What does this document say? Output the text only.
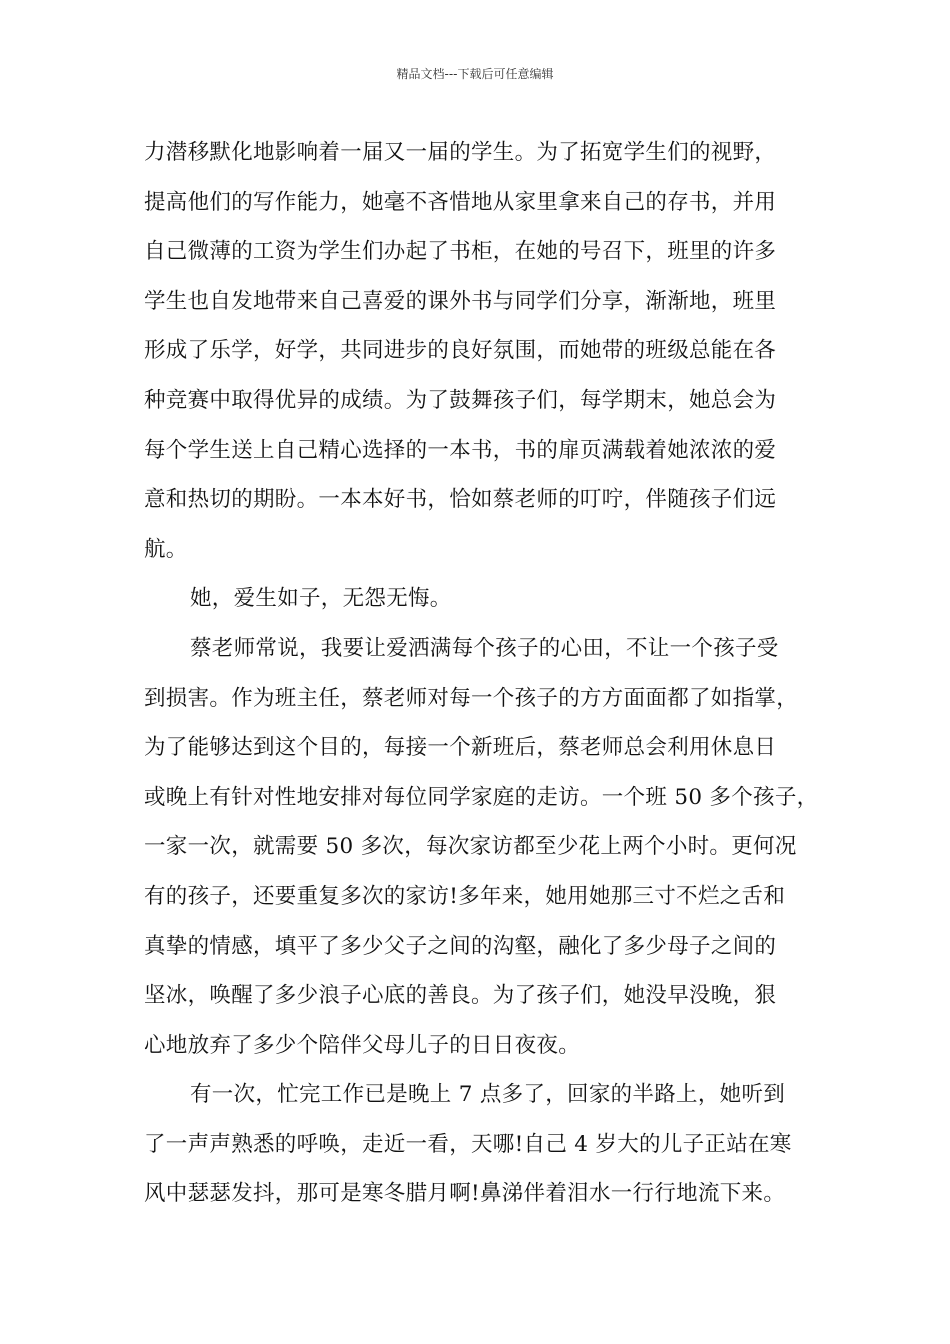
精品文档---下载后可任意编辑
力潜移默化地影响着一届又一届的学生。为了拓宽学生们的视野，
提高他们的写作能力，她毫不吝惜地从家里拿来自己的存书，并用
自己微薄的工资为学生们办起了书柜，在她的号召下，班里的许多
学生也自发地带来自己喜爱的课外书与同学们分享，渐渐地，班里
形成了乐学，好学，共同进步的良好氛围，而她带的班级总能在各
种竞赛中取得优异的成绩。为了鼓舞孩子们，每学期末，她总会为
每个学生送上自己精心选择的一本书，书的扉页满载着她浓浓的爱
意和热切的期盼。一本本好书，恰如蔡老师的叮咛，伴随孩子们远
航。
她，爱生如子，无怨无悔。
蔡老师常说，我要让爱洒满每个孩子的心田，不让一个孩子受
到损害。作为班主任，蔡老师对每一个孩子的方方面面都了如指掌，
为了能够达到这个目的，每接一个新班后，蔡老师总会利用休息日
或晚上有针对性地安排对每位同学家庭的走访。一个班 50 多个孩子，
一家一次，就需要 50 多次，每次家访都至少花上两个小时。更何况
有的孩子，还要重复多次的家访!多年来，她用她那三寸不烂之舌和
真挚的情感，填平了多少父子之间的沟壑，融化了多少母子之间的
坚冰，唤醒了多少浪子心底的善良。为了孩子们，她没早没晚，狠
心地放弃了多少个陪伴父母儿子的日日夜夜。
有一次，忙完工作已是晚上 7 点多了，回家的半路上，她听到
了一声声熟悉的呼唤，走近一看，天哪!自己 4 岁大的儿子正站在寒
风中瑟瑟发抖，那可是寒冬腊月啊!鼻涕伴着泪水一行行地流下来。
